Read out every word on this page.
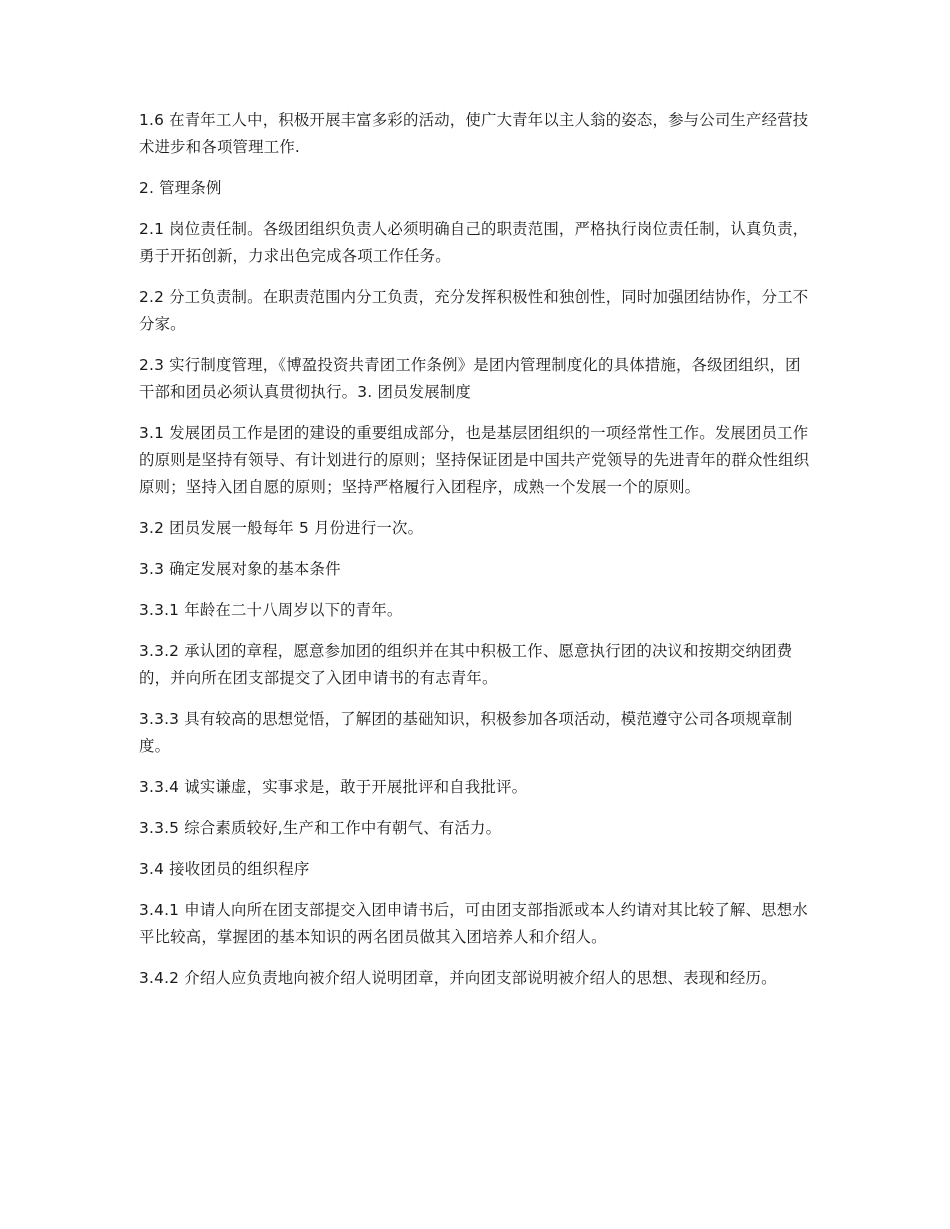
1.6 在青年工人中，积极开展丰富多彩的活动，使广大青年以主人翁的姿态，参与公司生产经营技术进步和各项管理工作.

2. 管理条例

2.1 岗位责任制。各级团组织负责人必须明确自己的职责范围，严格执行岗位责任制，认真负责，勇于开拓创新，力求出色完成各项工作任务。

2.2 分工负责制。在职责范围内分工负责，充分发挥积极性和独创性，同时加强团结协作，分工不分家。

2.3 实行制度管理，《博盈投资共青团工作条例》是团内管理制度化的具体措施，各级团组织，团干部和团员必须认真贯彻执行。3. 团员发展制度

3.1 发展团员工作是团的建设的重要组成部分，也是基层团组织的一项经常性工作。发展团员工作的原则是坚持有领导、有计划进行的原则；坚持保证团是中国共产党领导的先进青年的群众性组织原则；坚持入团自愿的原则；坚持严格履行入团程序，成熟一个发展一个的原则。

3.2 团员发展一般每年 5 月份进行一次。

3.3 确定发展对象的基本条件

3.3.1 年龄在二十八周岁以下的青年。

3.3.2 承认团的章程，愿意参加团的组织并在其中积极工作、愿意执行团的决议和按期交纳团费的，并向所在团支部提交了入团申请书的有志青年。

3.3.3 具有较高的思想觉悟，了解团的基础知识，积极参加各项活动，模范遵守公司各项规章制度。

3.3.4 诚实谦虚，实事求是，敢于开展批评和自我批评。

3.3.5 综合素质较好,生产和工作中有朝气、有活力。

3.4 接收团员的组织程序

3.4.1 申请人向所在团支部提交入团申请书后，可由团支部指派或本人约请对其比较了解、思想水平比较高，掌握团的基本知识的两名团员做其入团培养人和介绍人。

3.4.2 介绍人应负责地向被介绍人说明团章，并向团支部说明被介绍人的思想、表现和经历。
